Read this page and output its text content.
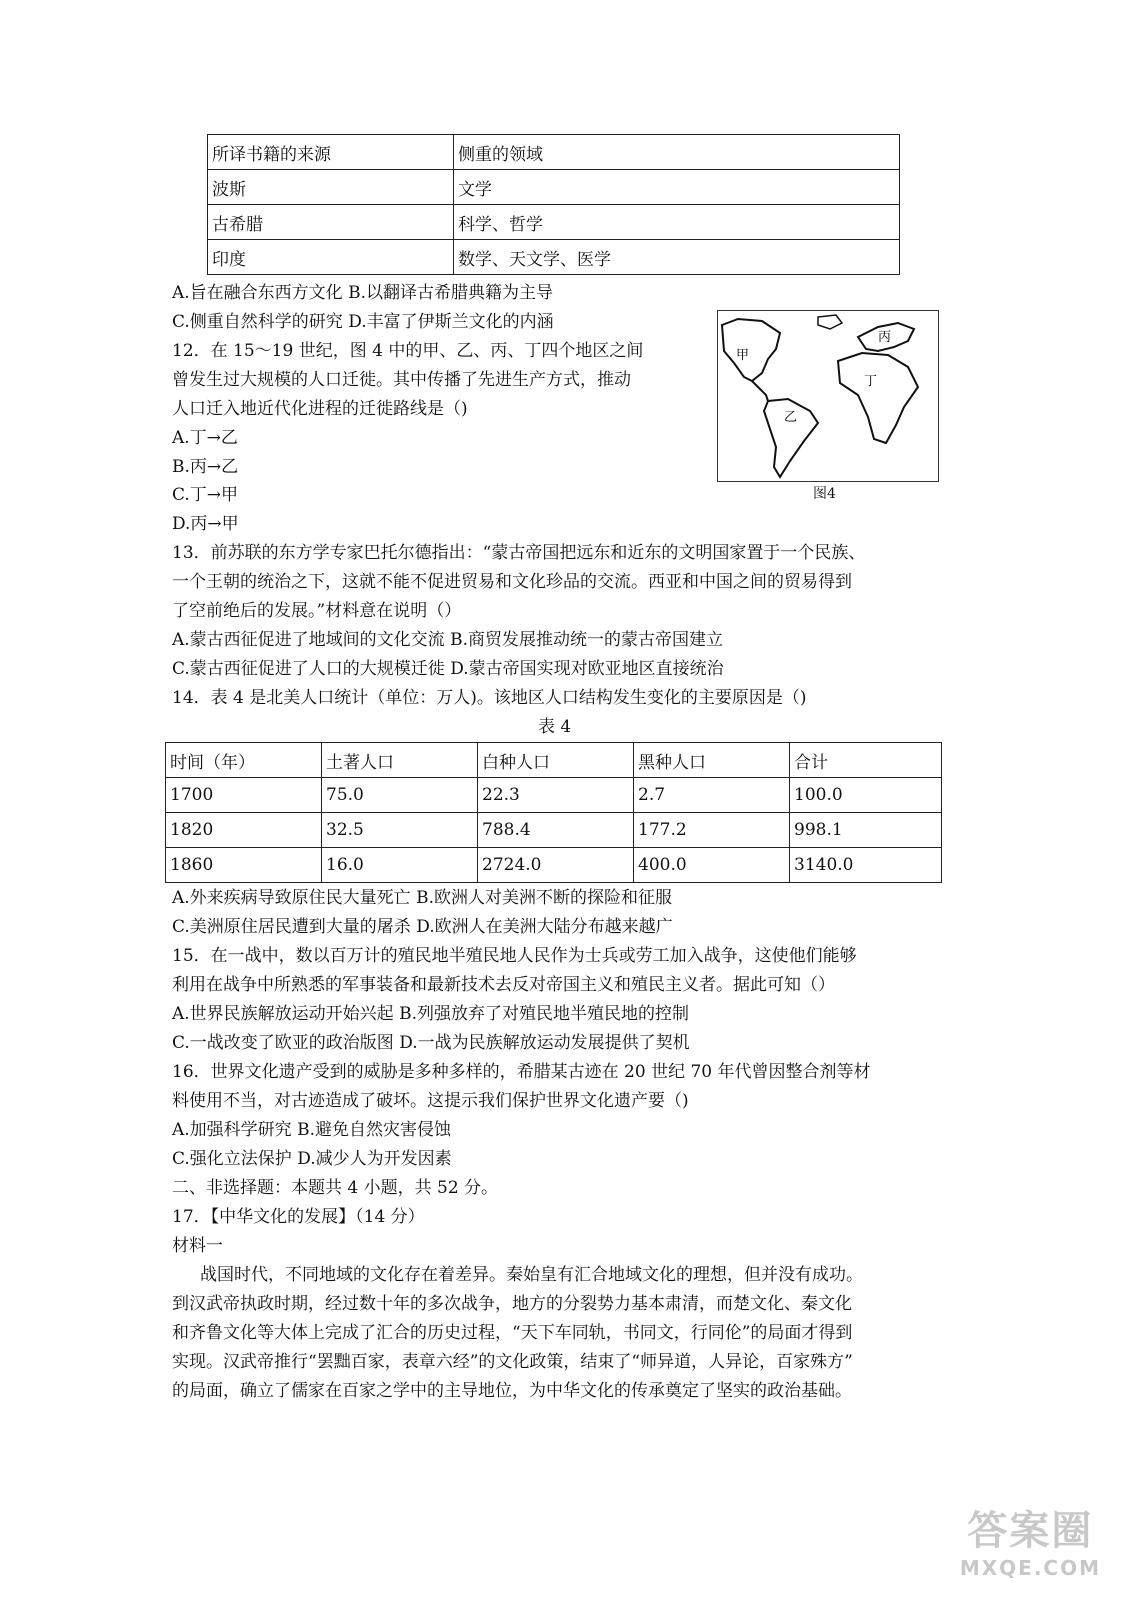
所译书籍的来源	侧重的领域
波斯	文学
古希腊	科学、哲学
印度	数学、天文学、医学
A.旨在融合东西方文化 B.以翻译古希腊典籍为主导
C.侧重自然科学的研究 D.丰富了伊斯兰文化的内涵
12．在 15～19 世纪，图 4 中的甲、乙、丙、丁四个地区之间
曾发生过大规模的人口迁徙。其中传播了先进生产方式，推动
人口迁入地近代化进程的迁徙路线是（)
A.丁→乙
B.丙→乙
C.丁→甲
D.丙→甲
甲
乙
丙
丁
图4
13．前苏联的东方学专家巴托尔德指出：“蒙古帝国把远东和近东的文明国家置于一个民族、
一个王朝的统治之下，这就不能不促进贸易和文化珍品的交流。西亚和中国之间的贸易得到
了空前绝后的发展。”材料意在说明（）
A.蒙古西征促进了地域间的文化交流 B.商贸发展推动统一的蒙古帝国建立
C.蒙古西征促进了人口的大规模迁徙 D.蒙古帝国实现对欧亚地区直接统治
14．表 4 是北美人口统计（单位：万人)。该地区人口结构发生变化的主要原因是（)
表 4
时间（年）	土著人口	白种人口	黑种人口	合计
1700	75.0	22.3	2.7	100.0
1820	32.5	788.4	177.2	998.1
1860	16.0	2724.0	400.0	3140.0
A.外来疾病导致原住民大量死亡 B.欧洲人对美洲不断的探险和征服
C.美洲原住居民遭到大量的屠杀 D.欧洲人在美洲大陆分布越来越广
15．在一战中，数以百万计的殖民地半殖民地人民作为士兵或劳工加入战争，这使他们能够
利用在战争中所熟悉的军事装备和最新技术去反对帝国主义和殖民主义者。据此可知（）
A.世界民族解放运动开始兴起 B.列强放弃了对殖民地半殖民地的控制
C.一战改变了欧亚的政治版图 D.一战为民族解放运动发展提供了契机
16．世界文化遗产受到的威胁是多种多样的，希腊某古迹在 20 世纪 70 年代曾因整合剂等材
料使用不当，对古迹造成了破坏。这提示我们保护世界文化遗产要（)
A.加强科学研究 B.避免自然灾害侵蚀
C.强化立法保护 D.减少人为开发因素
二、非选择题：本题共 4 小题，共 52 分。
17．【中华文化的发展】（14 分）
材料一
战国时代，不同地域的文化存在着差异。秦始皇有汇合地域文化的理想，但并没有成功。
到汉武帝执政时期，经过数十年的多次战争，地方的分裂势力基本肃清，而楚文化、秦文化
和齐鲁文化等大体上完成了汇合的历史过程，“天下车同轨，书同文，行同伦”的局面才得到
实现。汉武帝推行“罢黜百家，表章六经”的文化政策，结束了“师异道，人异论，百家殊方”
的局面，确立了儒家在百家之学中的主导地位，为中华文化的传承奠定了坚实的政治基础。
答案圈
MXQE.COM
